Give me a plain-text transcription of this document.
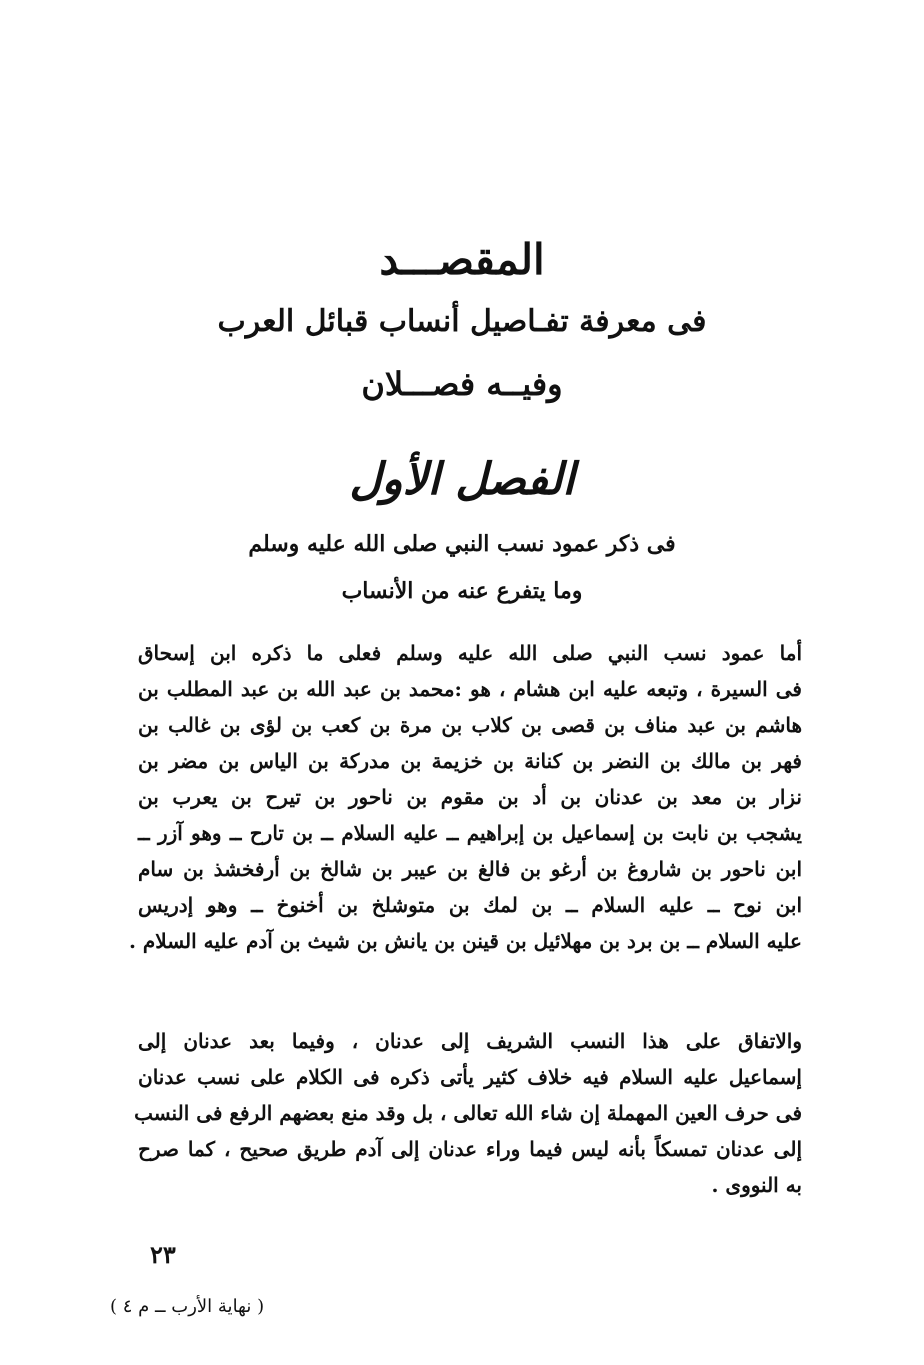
المقصـــد
فى معرفة تفـاصيل أنساب قبائل العرب
وفيــه فصـــلان
الفصل الأول
فى ذكر عمود نسب النبي صلى الله عليه وسلم
وما يتفرع عنه من الأنساب
أما عمود نسب النبي صلى الله عليه وسلم فعلى ما ذكره ابن إسحاق
فى السيرة ، وتبعه عليه ابن هشام ، هو :محمد بن عبد الله بن عبد المطلب بن
هاشم بن عبد مناف بن قصى بن كلاب بن مرة بن كعب بن لؤى بن غالب بن
فهر بن مالك بن النضر بن كنانة بن خزيمة بن مدركة بن الياس بن مضر بن
نزار بن معد بن عدنان بن أد بن مقوم بن ناحور بن تيرح بن يعرب بن
يشجب بن نابت بن إسماعيل بن إبراهيم ــ عليه السلام ــ بن تارح ــ وهو آزر ــ
ابن ناحور بن شاروغ بن أرغو بن فالغ بن عيبر بن شالخ بن أرفخشذ بن سام
ابن نوح ــ عليه السلام ــ بن لمك بن متوشلخ بن أخنوخ ــ وهو إدريس
عليه السلام ــ بن برد بن مهلائيل بن قينن بن يانش بن شيث بن آدم عليه السلام .
والاتفاق على هذا النسب الشريف إلى عدنان ، وفيما بعد عدنان إلى
إسماعيل عليه السلام فيه خلاف كثير يأتى ذكره فى الكلام على نسب عدنان
فى حرف العين المهملة إن شاء الله تعالى ، بل وقد منع بعضهم الرفع فى النسب
إلى عدنان تمسكاً بأنه ليس فيما وراء عدنان إلى آدم طريق صحيح ، كما صرح
به النووى .
٢٣
( نهاية الأرب ــ م ٤ )
